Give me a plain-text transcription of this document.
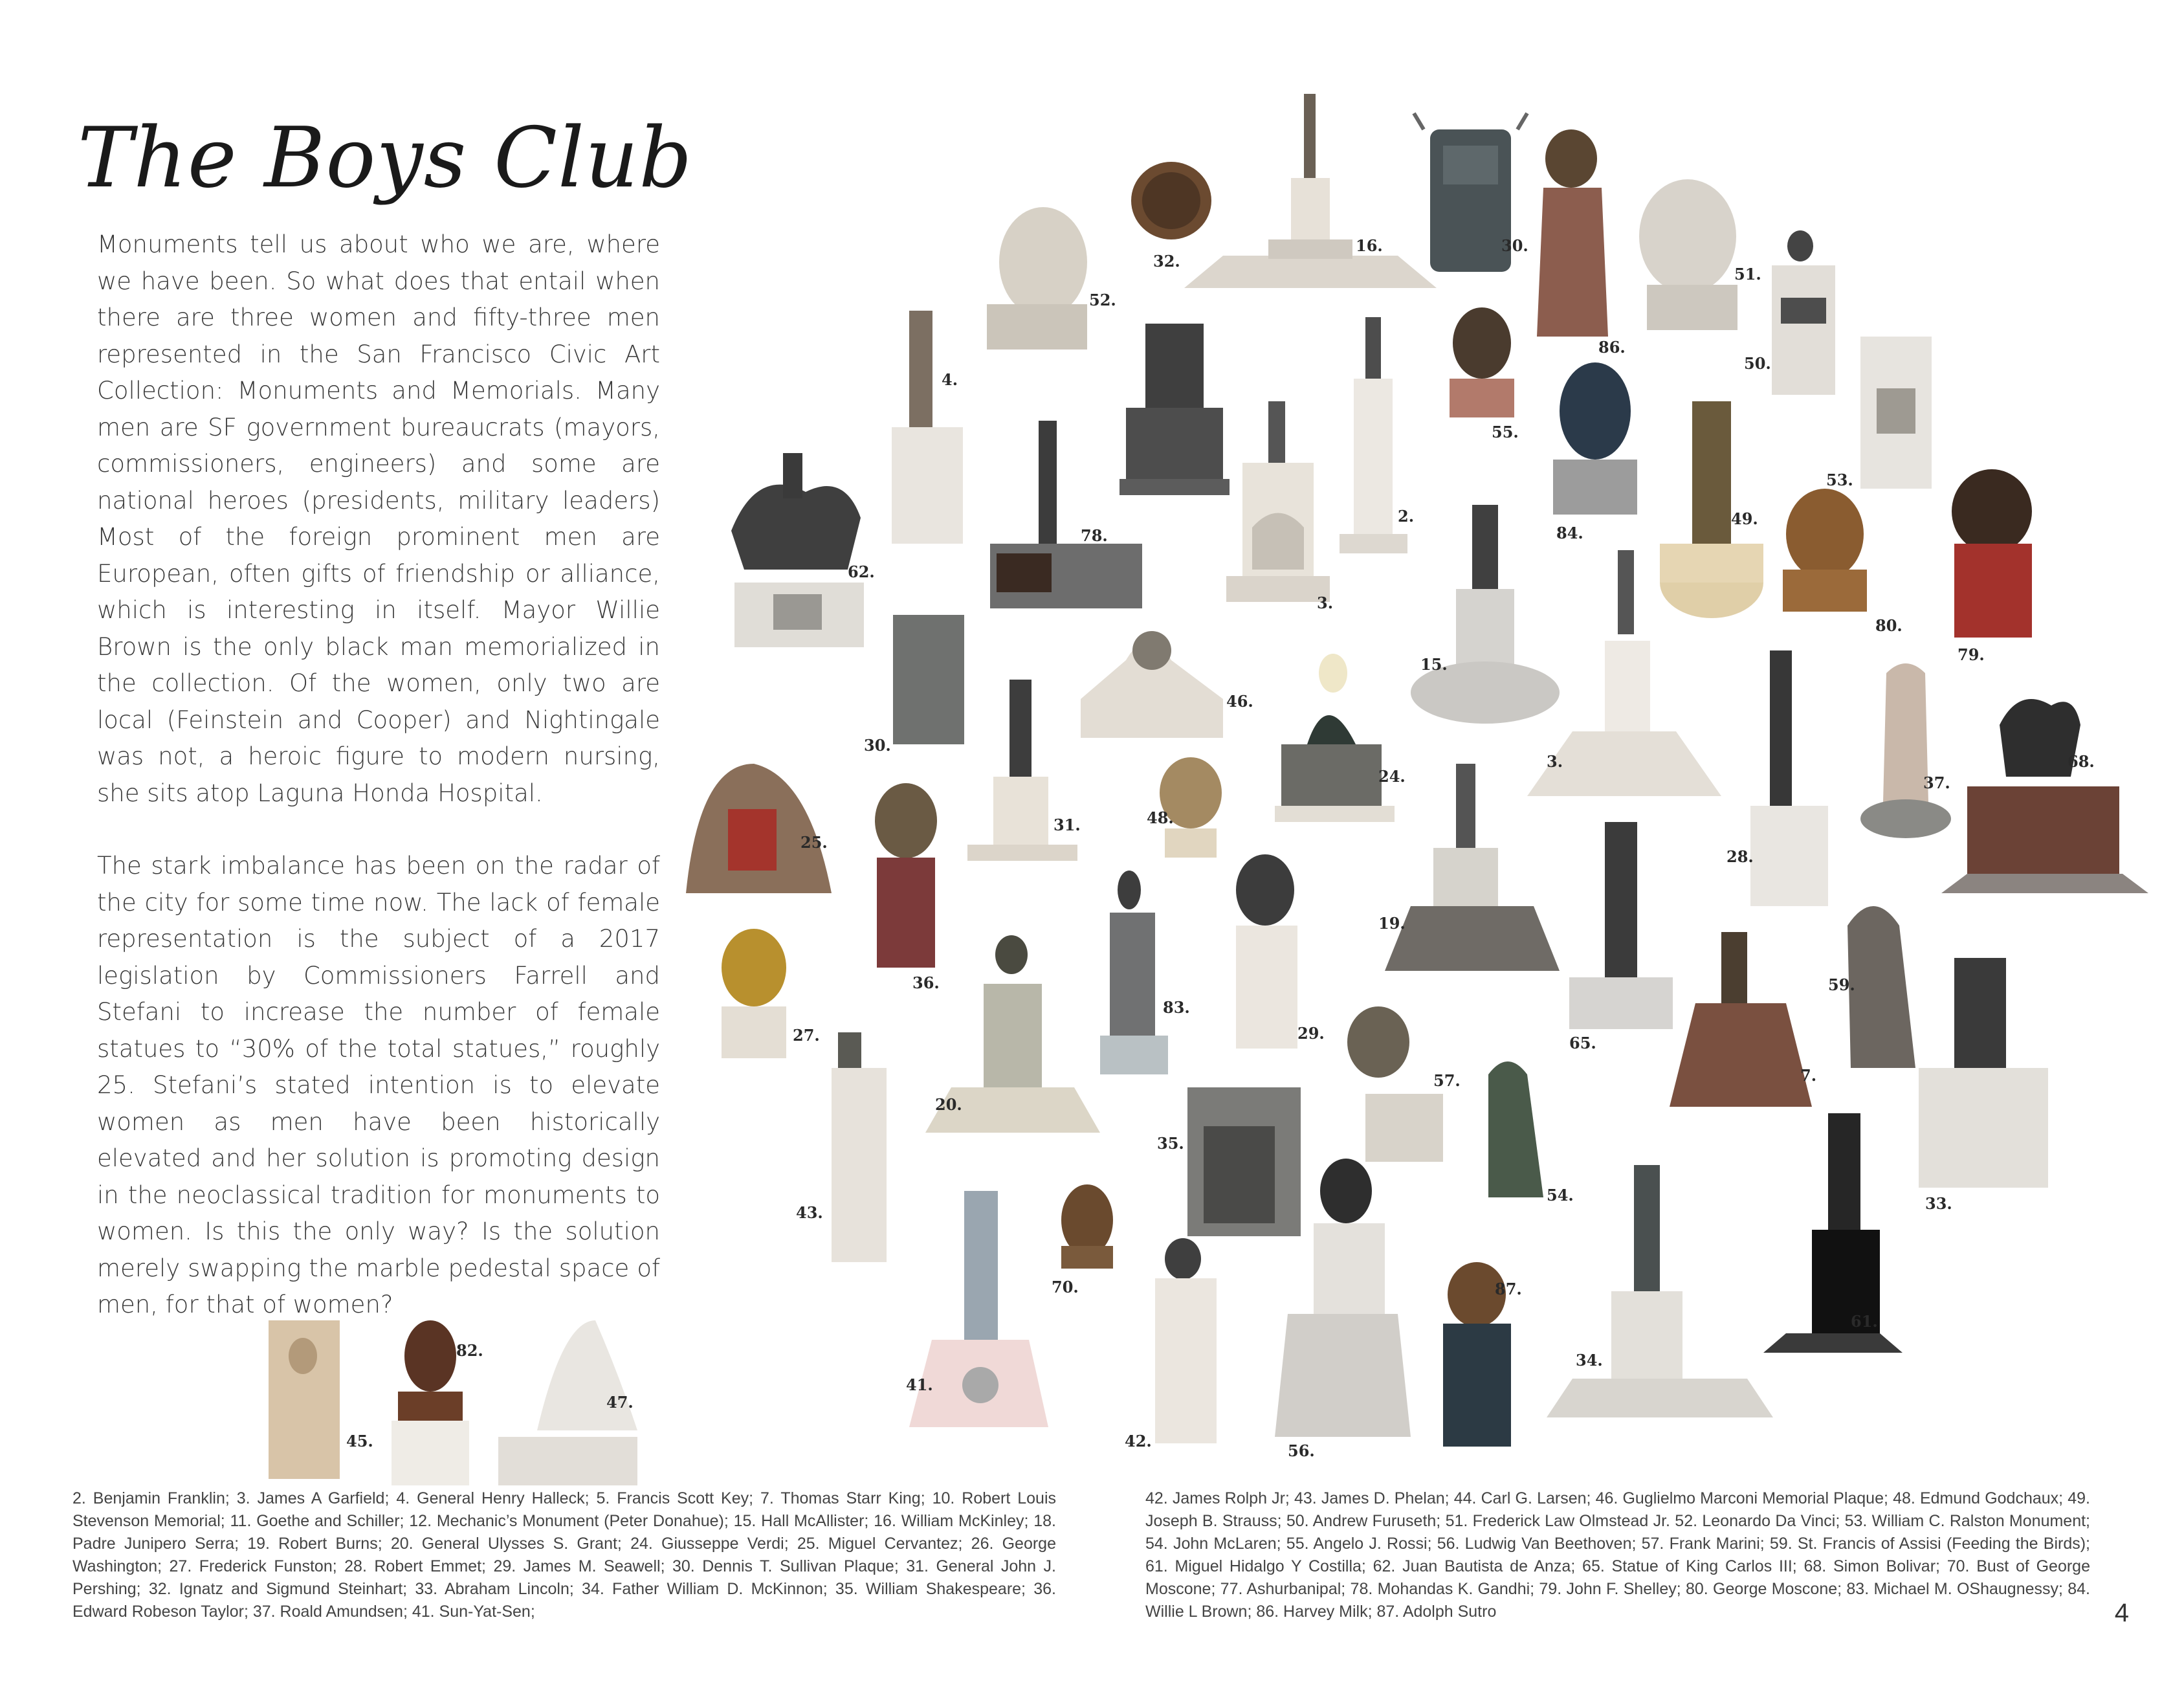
The Boys Club

Monuments tell us about who we are, where we have been. So what does that entail when there are three women and fifty-three men represented in the San Francisco Civic Art Collection: Monuments and Memorials. Many men are SF government bureaucrats (mayors, commissioners, engineers) and some are national heroes (presidents, military leaders) Most of the foreign prominent men are European, often gifts of friendship or alliance, which is interesting in itself. Mayor Willie Brown is the only black man memorialized in the collection. Of the women, only two are local (Feinstein and Cooper) and Nightingale was not, a heroic figure to modern nursing, she sits atop Laguna Honda Hospital.

The stark imbalance has been on the radar of the city for some time now. The lack of female representation is the subject of a 2017 legislation by Commissioners Farrell and Stefani to increase the number of female statues to “30% of the total statues,” roughly 25. Stefani’s stated intention is to elevate women as men have been historically elevated and her solution is promoting design in the neoclassical tradition for monuments to women. Is this the only way? Is the solution merely swapping the marble pedestal space of men, for that of women?

32.
16.	30.
52.
86.
51.
4.
50.
55.
84.
53.
78.
2.	49.
62.
3.
80.
79.
15.
46.
30.
24.
3.	68.
37.
31.	48.
28.
25.
36.
19.
59.
83.
29.
65.
27.
57.	7.
20.
35.
54.	33.
43.
70.	87.
61.
41.
34.
47.
82.
45.	42.
56.
2. Benjamin Franklin; 3. James A Garfield; 4. General Henry Halleck; 5. Francis Scott Key; 7. Thomas Starr King; 10. Robert Louis Stevenson Memorial; 11. Goethe and Schiller; 12. Mechanic’s Monument (Peter Donahue); 15. Hall McAllister; 16. William McKinley; 18. Padre Junipero Serra; 19. Robert Burns; 20. General Ulysses S. Grant; 24. Giusseppe Verdi; 25. Miguel Cervantez; 26. George Washington; 27. Frederick Funston; 28. Robert Emmet; 29. James M. Seawell; 30. Dennis T. Sullivan Plaque; 31. General John J. Pershing; 32. Ignatz and Sigmund Steinhart; 33. Abraham Lincoln; 34. Father William D. McKinnon; 35. William Shakespeare; 36. Edward Robeson Taylor; 37. Roald Amundsen; 41. Sun-Yat-Sen;
42. James Rolph Jr; 43. James D. Phelan; 44. Carl G. Larsen; 46. Guglielmo Marconi Memorial Plaque; 48. Edmund Godchaux; 49. Joseph B. Strauss; 50. Andrew Furuseth; 51. Frederick Law Olmstead Jr. 52. Leonardo Da Vinci; 53. William C. Ralston Monument; 54. John McLaren; 55. Angelo J. Rossi; 56. Ludwig Van Beethoven; 57. Frank Marini; 59. St. Francis of Assisi (Feeding the Birds); 61. Miguel Hidalgo Y Costilla; 62. Juan Bautista de Anza; 65. Statue of King Carlos III; 68. Simon Bolivar; 70. Bust of George Moscone; 77. Ashurbanipal; 78. Mohandas K. Gandhi; 79. John F. Shelley; 80. George Moscone; 83. Michael M. OShaugnessy; 84. Willie L Brown; 86. Harvey Milk; 87. Adolph Sutro	4
